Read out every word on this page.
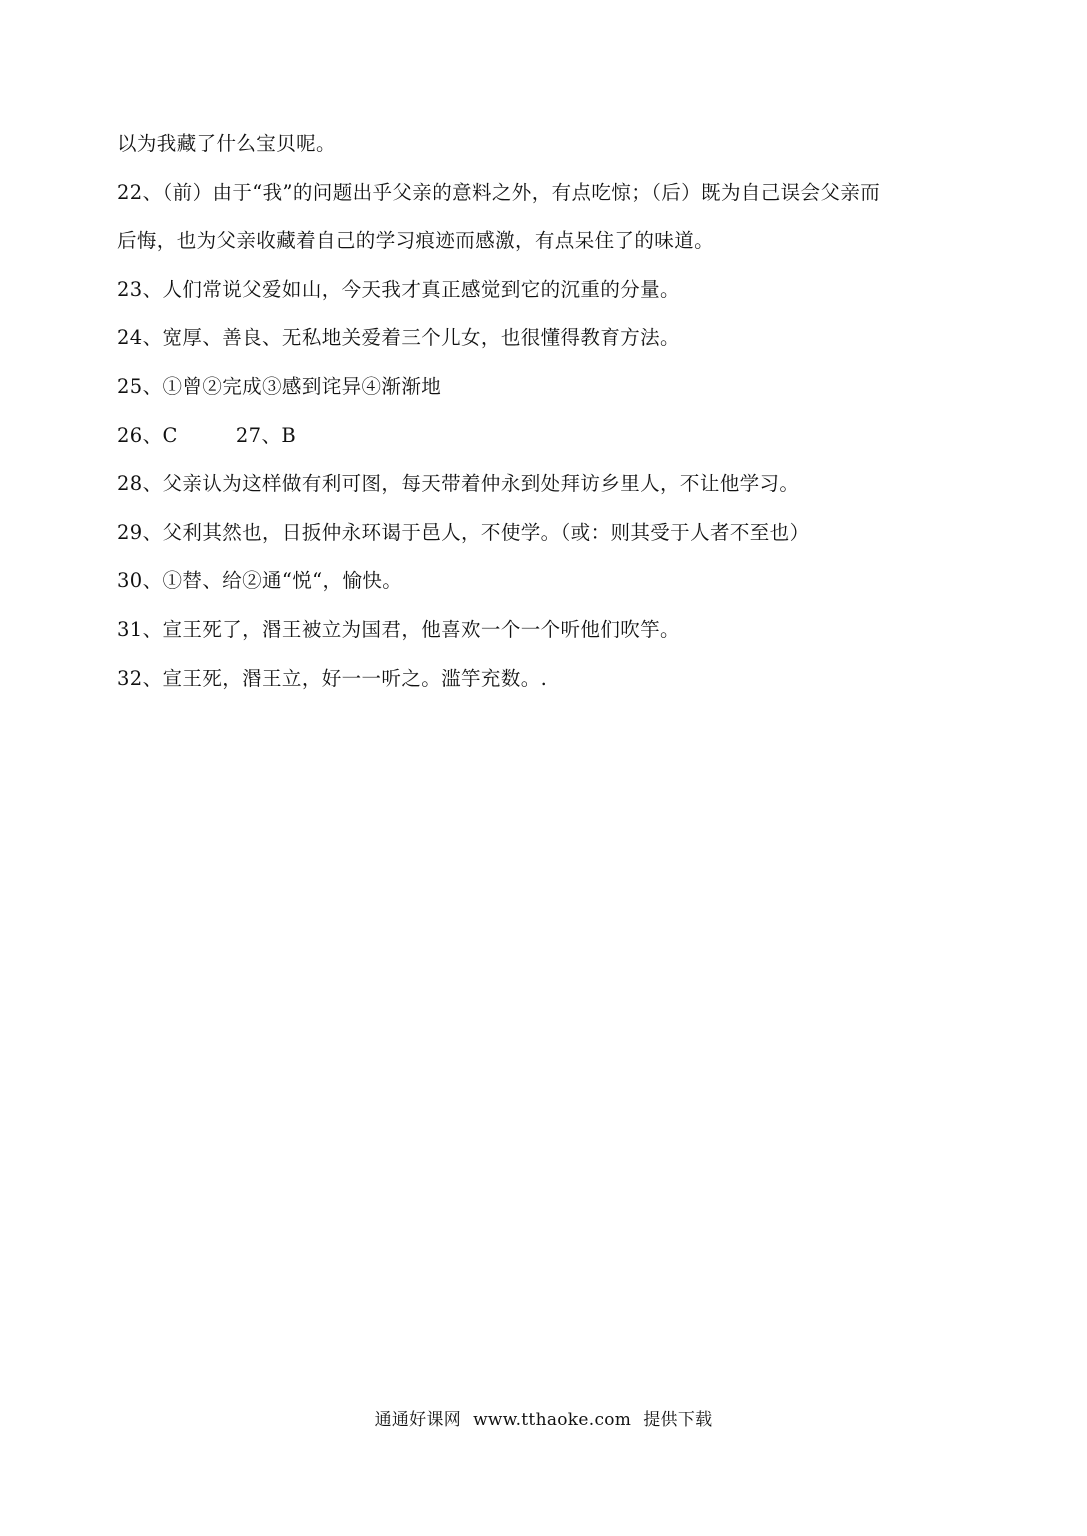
以为我藏了什么宝贝呢。
22、（前）由于“我”的问题出乎父亲的意料之外，有点吃惊；（后）既为自己误会父亲而
后悔，也为父亲收藏着自己的学习痕迹而感激，有点呆住了的味道。
23、人们常说父爱如山，今天我才真正感觉到它的沉重的分量。
24、宽厚、善良、无私地关爱着三个儿女，也很懂得教育方法。
25、①曾②完成③感到诧异④渐渐地
26、C	27、B
28、父亲认为这样做有利可图，每天带着仲永到处拜访乡里人，不让他学习。
29、父利其然也，日扳仲永环谒于邑人，不使学。（或：则其受于人者不至也）
30、①替、给②通“悦“，愉快。
31、宣王死了，湣王被立为国君，他喜欢一个一个听他们吹竽。
32、宣王死，湣王立，好一一听之。滥竽充数。.
通通好课网 www.tthaoke.com 提供下载
